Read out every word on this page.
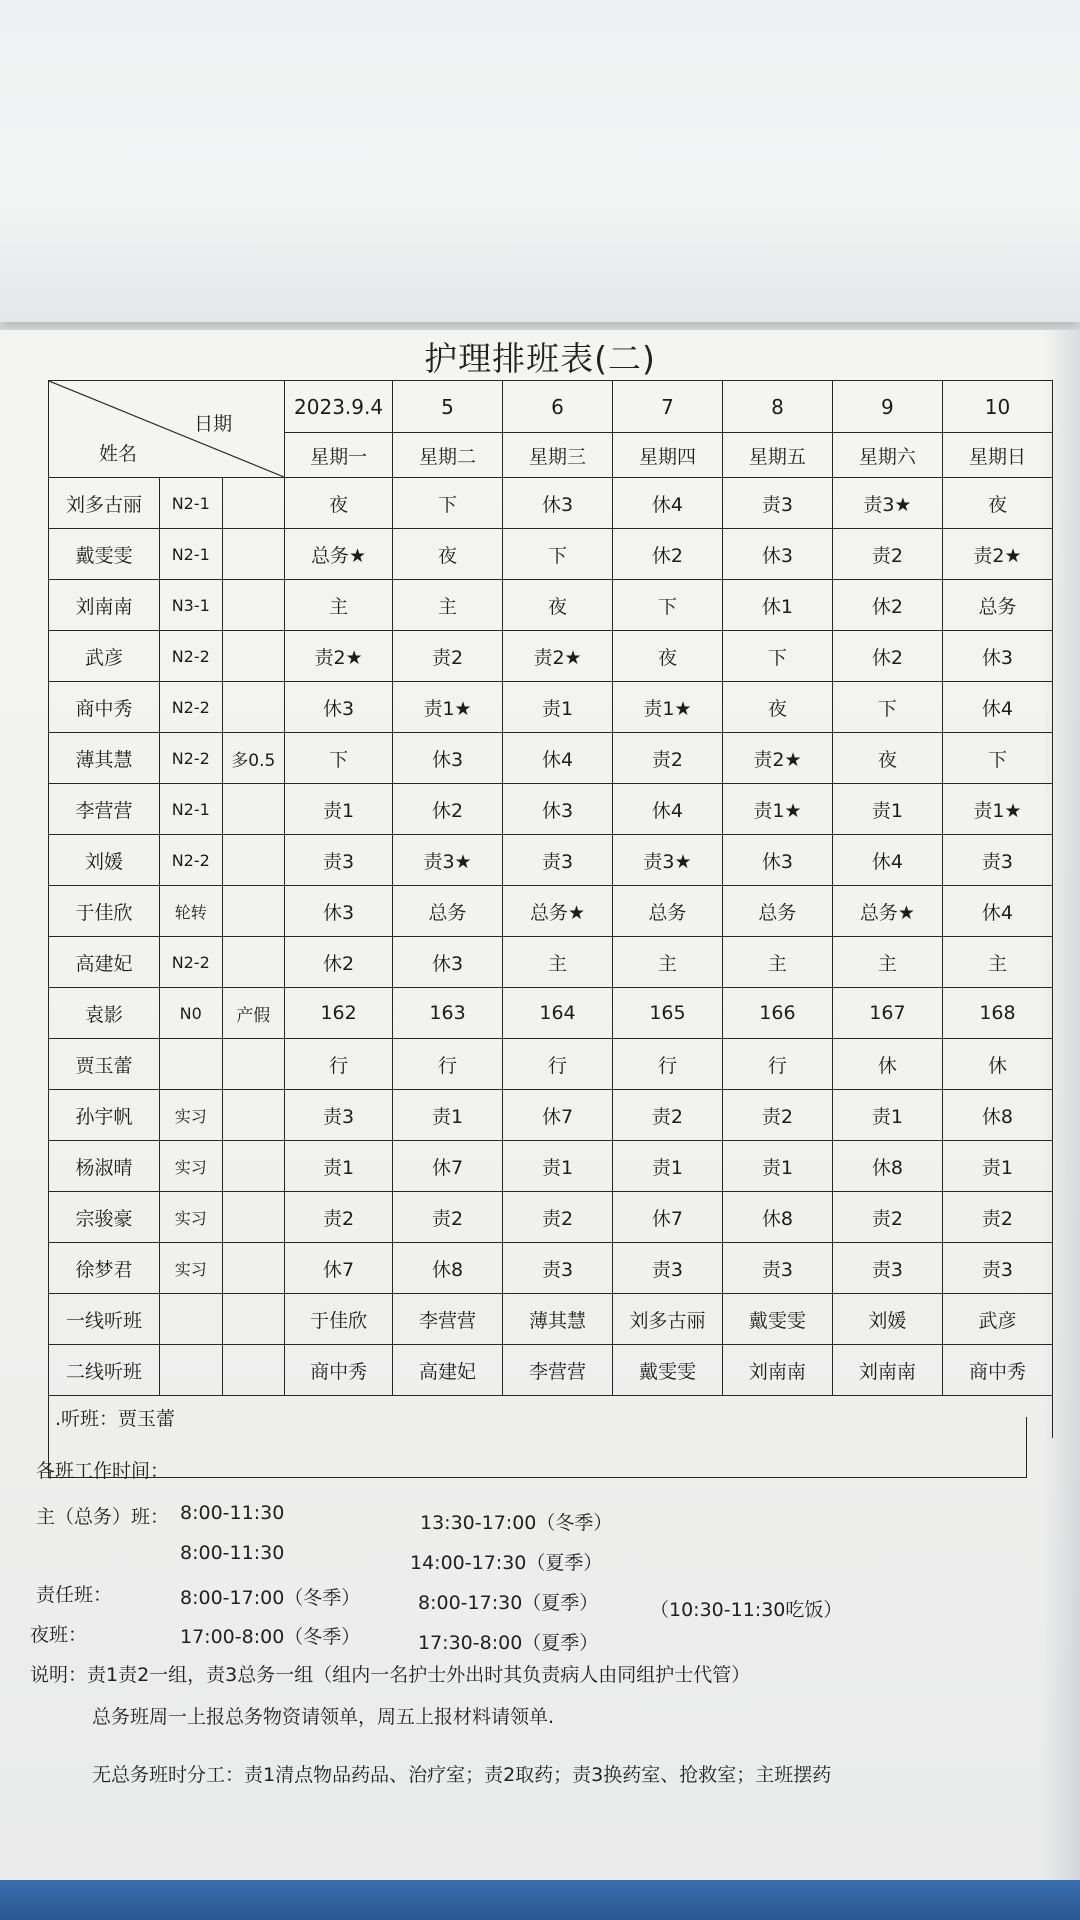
护理排班表(二)
日期
姓名			2023.9.4	5	6	7	8	9	10
			星期一	星期二	星期三	星期四	星期五	星期六	星期日
刘多古丽	N2-1		夜	下	休3	休4	责3	责3★	夜
戴雯雯	N2-1		总务★	夜	下	休2	休3	责2	责2★
刘南南	N3-1		主	主	夜	下	休1	休2	总务
武彦	N2-2		责2★	责2	责2★	夜	下	休2	休3
商中秀	N2-2		休3	责1★	责1	责1★	夜	下	休4
薄其慧	N2-2	多0.5	下	休3	休4	责2	责2★	夜	下
李营营	N2-1		责1	休2	休3	休4	责1★	责1	责1★
刘媛	N2-2		责3	责3★	责3	责3★	休3	休4	责3
于佳欣	轮转		休3	总务	总务★	总务	总务	总务★	休4
高建妃	N2-2		休2	休3	主	主	主	主	主
袁影	N0	产假	162	163	164	165	166	167	168
贾玉蕾			行	行	行	行	行	休	休
孙宇帆	实习		责3	责1	休7	责2	责2	责1	休8
杨淑晴	实习		责1	休7	责1	责1	责1	休8	责1
宗骏豪	实习		责2	责2	责2	休7	休8	责2	责2
徐梦君	实习		休7	休8	责3	责3	责3	责3	责3
一线听班			于佳欣	李营营	薄其慧	刘多古丽	戴雯雯	刘媛	武彦
二线听班			商中秀	高建妃	李营营	戴雯雯	刘南南	刘南南	商中秀
.听班：贾玉蕾									
各班工作时间：
主（总务）班： 8:00-11:30	13:30-17:00（冬季）
8:00-11:30	14:00-17:30（夏季）
责任班：	8:00-17:00（冬季）	8:00-17:30（夏季）	（10:30-11:30吃饭）
夜班：	17:00-8:00（冬季）	17:30-8:00（夏季）
说明：责1责2一组，责3总务一组（组内一名护士外出时其负责病人由同组护士代管）
总务班周一上报总务物资请领单，周五上报材料请领单.
无总务班时分工：责1清点物品药品、治疗室；责2取药；责3换药室、抢救室；主班摆药
